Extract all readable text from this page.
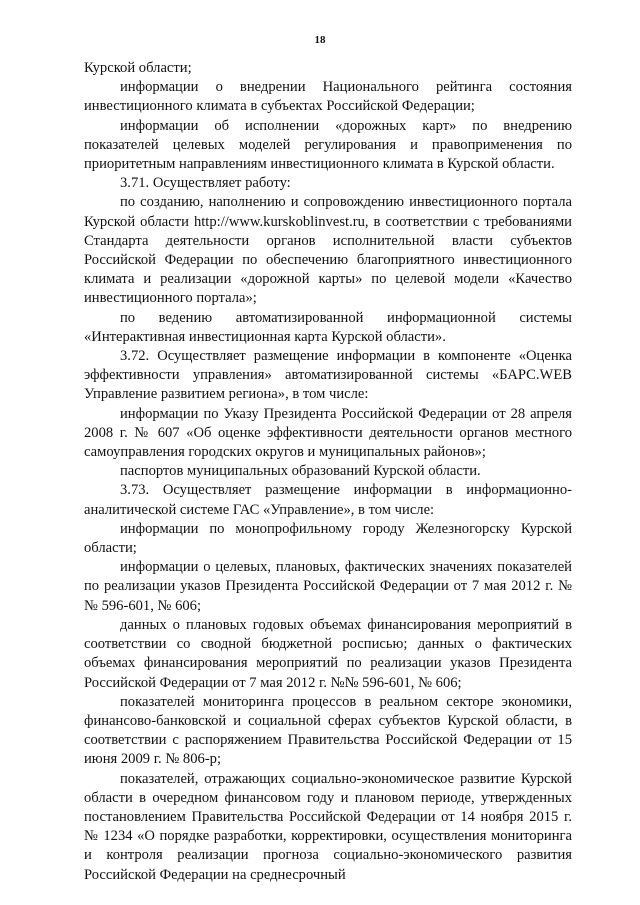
18

Курской области;

информации о внедрении Национального рейтинга состояния инвестиционного климата в субъектах Российской Федерации;

информации об исполнении «дорожных карт» по внедрению показателей целевых моделей регулирования и правоприменения по приоритетным направлениям инвестиционного климата в Курской области.

3.71. Осуществляет работу:

по созданию, наполнению и сопровождению инвестиционного портала Курской области http://www.kurskoblinvest.ru, в соответствии с требованиями Стандарта деятельности органов исполнительной власти субъектов Российской Федерации по обеспечению благоприятного инвестиционного климата и реализации «дорожной карты» по целевой модели «Качество инвестиционного портала»;

по ведению автоматизированной информационной системы «Интерактивная инвестиционная карта Курской области».

3.72. Осуществляет размещение информации в компоненте «Оценка эффективности управления» автоматизированной системы «БАРС.WEB Управление развитием региона», в том числе:

информации по Указу Президента Российской Федерации от 28 апреля 2008 г. № 607 «Об оценке эффективности деятельности органов местного самоуправления городских округов и муниципальных районов»;

паспортов муниципальных образований Курской области.

3.73. Осуществляет размещение информации в информационно-аналитической системе ГАС «Управление», в том числе:

информации по монопрофильному городу Железногорску Курской области;

информации о целевых, плановых, фактических значениях показателей по реализации указов Президента Российской Федерации от 7 мая 2012 г. №№ 596-601, № 606;

данных о плановых годовых объемах финансирования мероприятий в соответствии со сводной бюджетной росписью; данных о фактических объемах финансирования мероприятий по реализации указов Президента Российской Федерации от 7 мая 2012 г. №№ 596-601, № 606;

показателей мониторинга процессов в реальном секторе экономики, финансово-банковской и социальной сферах субъектов Курской области, в соответствии с распоряжением Правительства Российской Федерации от 15 июня 2009 г. № 806-р;

показателей, отражающих социально-экономическое развитие Курской области в очередном финансовом году и плановом периоде, утвержденных постановлением Правительства Российской Федерации от 14 ноября 2015 г. № 1234 «О порядке разработки, корректировки, осуществления мониторинга и контроля реализации прогноза социально-экономического развития Российской Федерации на среднесрочный
